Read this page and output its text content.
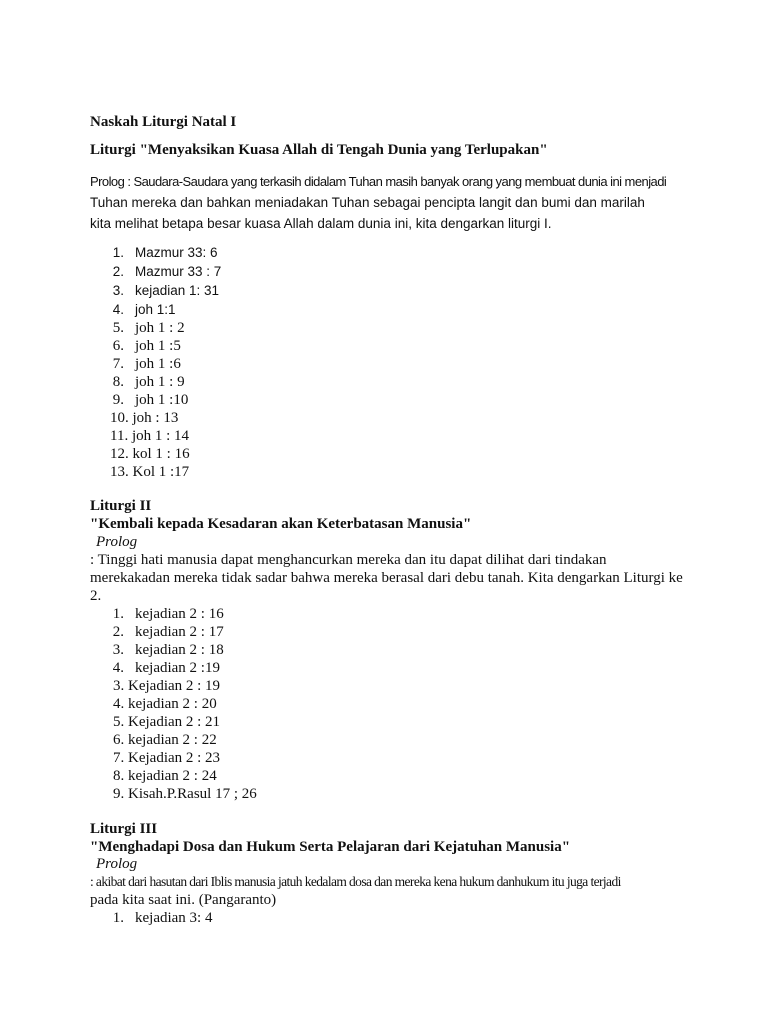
Naskah Liturgi Natal I
Liturgi "Menyaksikan Kuasa Allah di Tengah Dunia yang Terlupakan"
Prolog : Saudara-Saudara yang terkasih didalam Tuhan masih banyak orang yang membuat dunia ini menjadi
Tuhan mereka dan bahkan meniadakan Tuhan sebagai pencipta langit dan bumi dan marilah
kita melihat betapa besar kuasa Allah dalam dunia ini, kita dengarkan liturgi I.
1. Mazmur 33: 6
2. Mazmur 33 : 7
3. kejadian 1: 31
4. joh 1:1
5. joh 1 : 2
6. joh 1 :5
7. joh 1 :6
8. joh 1 : 9
9. joh 1 :10
10. joh : 13
11. joh 1 : 14
12. kol 1 : 16
13. Kol 1 :17
Liturgi II
"Kembali kepada Kesadaran akan Keterbatasan Manusia"
Prolog
: Tinggi hati manusia dapat menghancurkan mereka dan itu dapat dilihat dari tindakan
merekakadan mereka tidak sadar bahwa mereka berasal dari debu tanah. Kita dengarkan Liturgi ke
2.
1. kejadian 2 : 16
2. kejadian 2 : 17
3. kejadian 2 : 18
4. kejadian 2 :19
3. Kejadian 2 : 19
4. kejadian 2 : 20
5. Kejadian 2 : 21
6. kejadian 2 : 22
7. Kejadian 2 : 23
8. kejadian 2 : 24
9. Kisah.P.Rasul 17 ; 26
Liturgi III
"Menghadapi Dosa dan Hukum Serta Pelajaran dari Kejatuhan Manusia"
Prolog
: akibat dari hasutan dari Iblis manusia jatuh kedalam dosa dan mereka kena hukum danhukum itu juga terjadi
pada kita saat ini. (Pangaranto)
1. kejadian 3: 4
